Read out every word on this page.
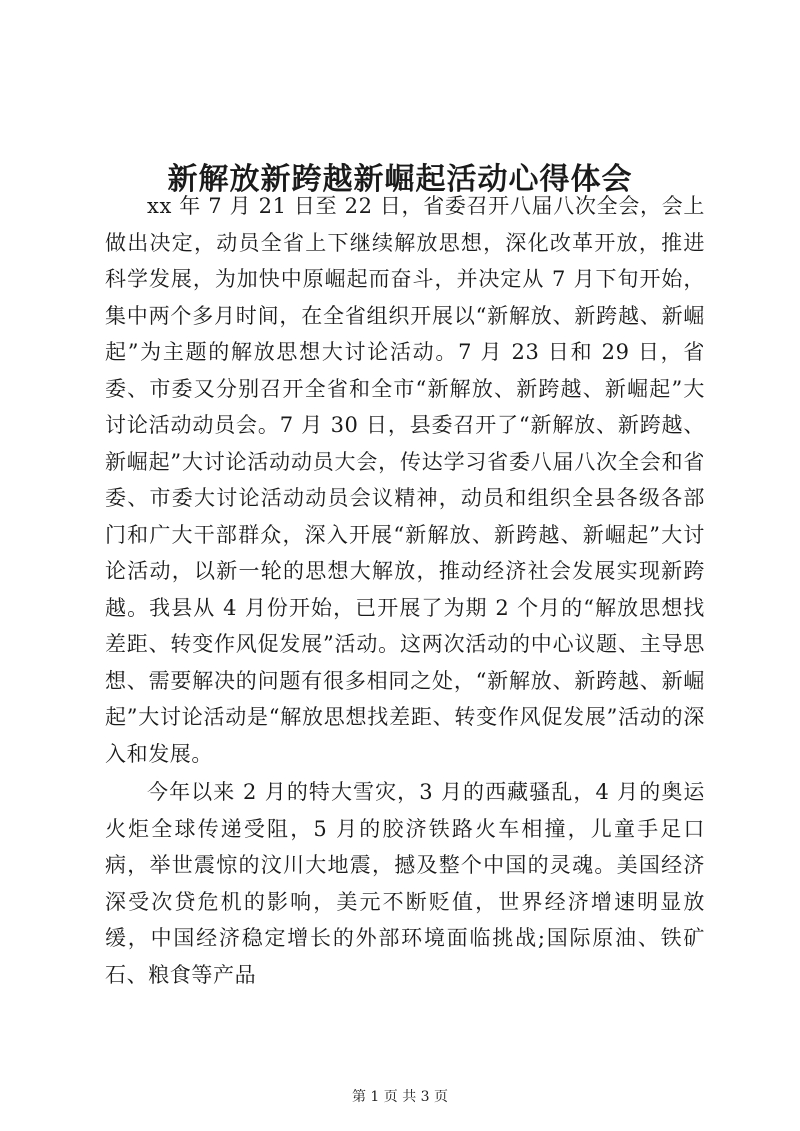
新解放新跨越新崛起活动心得体会

xx 年 7 月 21 日至 22 日，省委召开八届八次全会，会上做出决定，动员全省上下继续解放思想，深化改革开放，推进科学发展，为加快中原崛起而奋斗，并决定从 7 月下旬开始，集中两个多月时间，在全省组织开展以“新解放、新跨越、新崛起”为主题的解放思想大讨论活动。7 月 23 日和 29 日，省委、市委又分别召开全省和全市“新解放、新跨越、新崛起”大讨论活动动员会。7 月 30 日，县委召开了“新解放、新跨越、新崛起”大讨论活动动员大会，传达学习省委八届八次全会和省委、市委大讨论活动动员会议精神，动员和组织全县各级各部门和广大干部群众，深入开展“新解放、新跨越、新崛起”大讨论活动，以新一轮的思想大解放，推动经济社会发展实现新跨越。我县从 4 月份开始，已开展了为期 2 个月的“解放思想找差距、转变作风促发展”活动。这两次活动的中心议题、主导思想、需要解决的问题有很多相同之处，“新解放、新跨越、新崛起”大讨论活动是“解放思想找差距、转变作风促发展”活动的深入和发展。

今年以来 2 月的特大雪灾，3 月的西藏骚乱，4 月的奥运火炬全球传递受阻，5 月的胶济铁路火车相撞，儿童手足口病，举世震惊的汶川大地震，撼及整个中国的灵魂。美国经济深受次贷危机的影响，美元不断贬值，世界经济增速明显放缓，中国经济稳定增长的外部环境面临挑战;国际原油、铁矿石、粮食等产品

第 1 页 共 3 页
